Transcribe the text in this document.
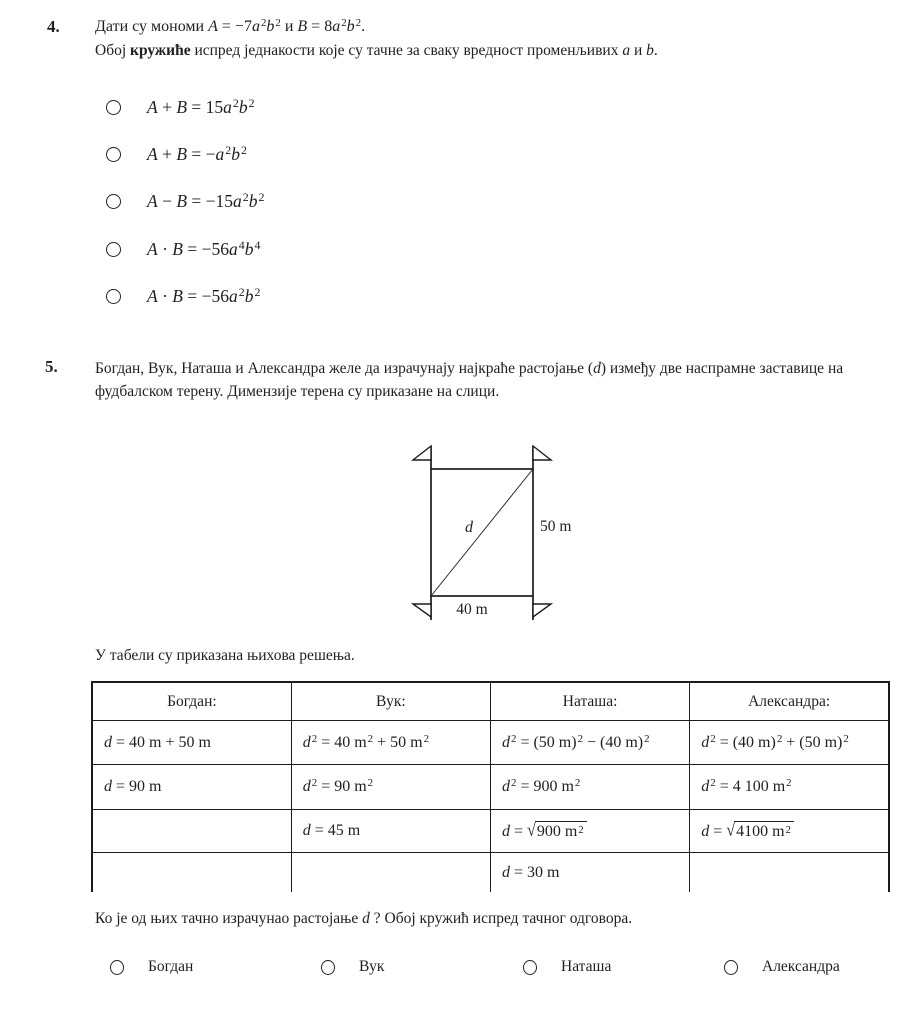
4. Дати су мономи $A = -7a^2b^2$ и $B = 8a^2b^2$.
Обој кружиће испред једнакости које су тачне за сваку вредност променљивих a и b.
$A + B = 15a^2b^2$
$A + B = -a^2b^2$
$A - B = -15a^2b^2$
$A \cdot B = -56a^4b^4$
$A \cdot B = -56a^2b^2$
5. Богдан, Вук, Наташа и Александра желе да израчунају најкраће растојање (d) између две наспрамне заставице на
фудбалском терену. Димензије терена су приказане на слици.
d	50 m
40 m
У табели су приказана њихова решења.
Богдан:	Вук:	Наташа:	Александра:
d = 40 m + 50 m	$d^2 = 40$ $m^2 + 50$ $m^2$	$d^2 = (50$ m)$^2$ − (40 m)$^2$	$d^2 = (40$ m)$^2$ + (50 m)$^2$
d = 90 m	$d^2 = 90$ $m^2$	$d^2 = 900$ $m^2$	$d^2 = 4$ 100 $m^2$
	d = 45 m	d = √900 $m^2$	d = √4100 $m^2$
		d = 30 m	
Ко је од њих тачно израчунао растојање d ? Обој кружић испред тачног одговора.
Богдан	Вук	Наташа	Александра
